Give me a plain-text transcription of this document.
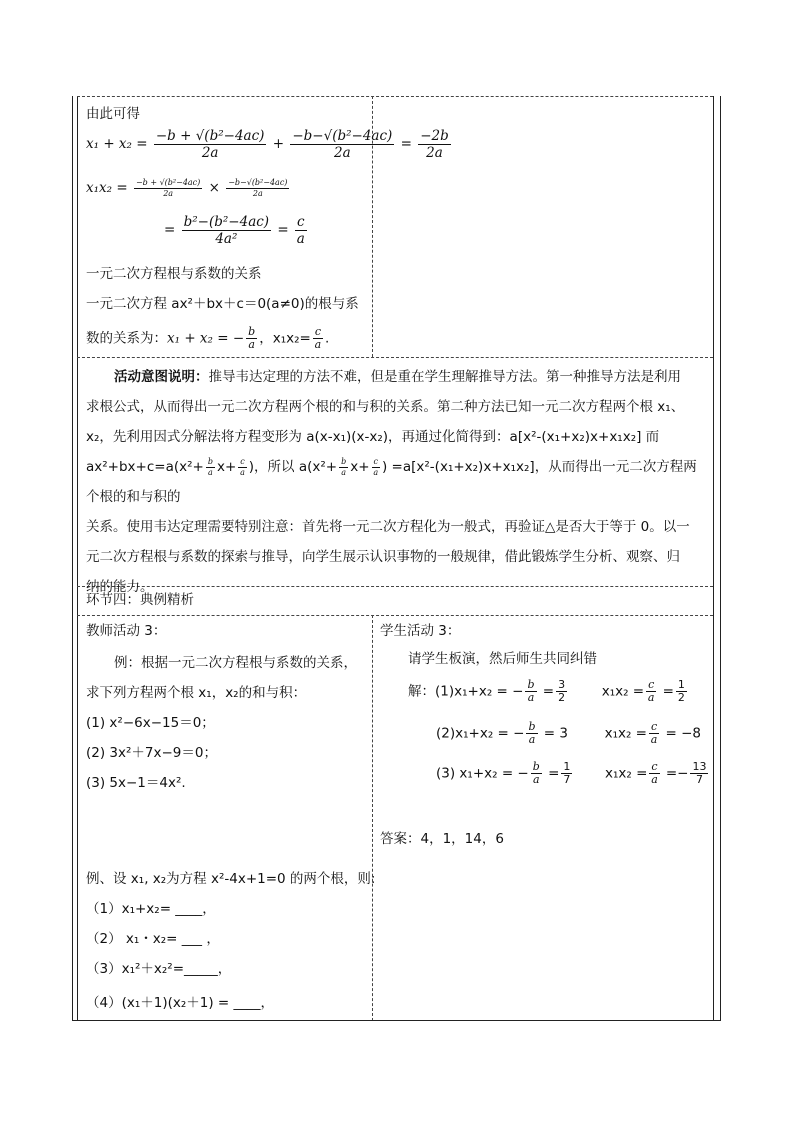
由此可得
$x_1 + x_2 = \frac{\text{−b + √(b²−4ac)}}{2a} + \frac{\text{−b−√(b²−4ac)}}{2a} = \frac{-2b}{2a}$
$x_1x_2 = \frac{\text{−b + √(b²−4ac)}}{2a} \times \frac{\text{−b−√(b²−4ac)}}{2a}$
= $\frac{\text{b²−(b²−4ac)}}{\text{4a²}} = \frac{c}{a}$
一元二次方程根与系数的关系
一元二次方程 ax²＋bx＋c＝0(a≠0)的根与系
数的关系为：x₁ + x₂ = − $\frac{b}{a}$ ，$x_1x_2= \frac{c}{a}$ .
活动意图说明：推导韦达定理的方法不难，但是重在学生理解推导方法。第一种推导方法是利用
求根公式，从而得出一元二次方程两个根的和与积的关系。第二种方法已知一元二次方程两个根 x₁、
x₂，先利用因式分解法将方程变形为 a(x-x₁)(x-x₂)，再通过化简得到：a[x²-(x₁+x₂)x+x₁x₂] 而
$ax^2+bx+c=a(x^2+ \frac{b}{a} x+ \frac{c}{a}$ )，所以 $a(x^2+ \frac{b}{a} x+ \frac{c}{a}$ ) =a[x²-(x₁+x₂)x+x₁x₂]，从而得出一元二次方程两个根的和与积的
关系。使用韦达定理需要特别注意：首先将一元二次方程化为一般式，再验证△是否大于等于 0。以一
元二次方程根与系数的探索与推导，向学生展示认识事物的一般规律，借此锻炼学生分析、观察、归
纳的能力。
环节四：典例精析
教师活动 3：
例：根据一元二次方程根与系数的关系，
求下列方程两个根 x₁，x₂的和与积：
(1) x²−6x−15＝0；
(2) 3x²＋7x−9＝0；
(3) 5x−1＝4x².
例、设 x₁, x₂为方程 x²-4x+1=0 的两个根，则:
（1）x₁+x₂= ____，
（2） x₁・x₂= ___ ，
（3）x₁²＋x₂²=_____，
（4）(x₁＋1)(x₂＋1) = ____，
学生活动 3：
请学生板演，然后师生共同纠错
解：(1)x₁+x₂ = − $\frac{b}{a} = \frac{3}{2}$	$x_1x_2 = \frac{c}{a} = \frac{1}{2}$
(2)x₁+x₂ = − $\frac{b}{a} = 3$	$x_1x_2 = \frac{c}{a} = -8$
(3) x₁+x₂ = − $\frac{b}{a} = \frac{1}{7} x_1x_2 = \frac{c}{a} =- \frac{13}{7}$
答案：4，1，14，6
